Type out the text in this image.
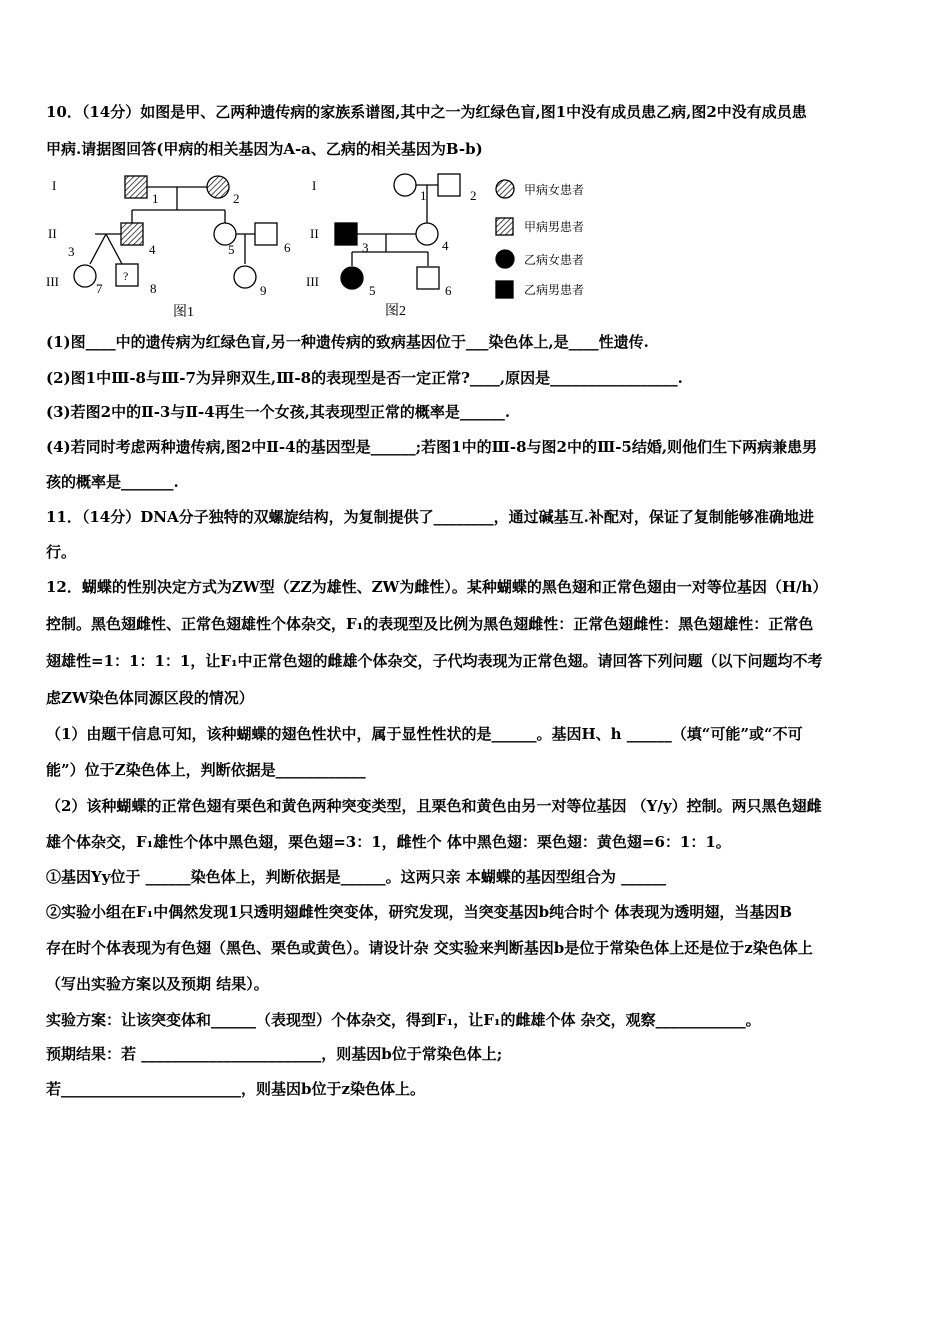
10．（14分）如图是甲、乙两种遗传病的家族系谱图,其中之一为红绿色盲,图1中没有成员患乙病,图2中没有成员患
甲病.请据图回答(甲病的相关基因为A-a、乙病的相关基因为B-b)
I
II
III
1	2
4	5	6
9
3
7
?
8
图1
I
II
III
1	2
3	4
5	6
图2
甲病女患者
甲病男患者
乙病女患者
乙病男患者
(1)图____中的遗传病为红绿色盲,另一种遗传病的致病基因位于___染色体上,是____性遗传.
(2)图1中Ⅲ-8与Ⅲ-7为异卵双生,Ⅲ-8的表现型是否一定正常?____,原因是_________________.
(3)若图2中的Ⅱ-3与Ⅱ-4再生一个女孩,其表现型正常的概率是______.
(4)若同时考虑两种遗传病,图2中Ⅱ-4的基因型是______;若图1中的Ⅲ-8与图2中的Ⅲ-5结婚,则他们生下两病兼患男
孩的概率是_______.
11．（14分）DNA分子独特的双螺旋结构，为复制提供了________，通过碱基互.补配对，保证了复制能够准确地进
行。
12．蝴蝶的性别决定方式为ZW型（ZZ为雄性、ZW为雌性）。某种蝴蝶的黑色翅和正常色翅由一对等位基因（H/h）
控制。黑色翅雌性、正常色翅雄性个体杂交，F₁的表现型及比例为黑色翅雌性：正常色翅雌性：黑色翅雄性：正常色
翅雄性=1：1：1：1，让F₁中正常色翅的雌雄个体杂交，子代均表现为正常色翅。请回答下列问题（以下问题均不考
虑ZW染色体同源区段的情况）
（1）由题干信息可知，该种蝴蝶的翅色性状中，属于显性性状的是______。基因H、h ______（填“可能”或“不可
能”）位于Z染色体上，判断依据是____________
（2）该种蝴蝶的正常色翅有栗色和黄色两种突变类型，且栗色和黄色由另一对等位基因 （Y/y）控制。两只黑色翅雌
雄个体杂交，F₁雄性个体中黑色翅，栗色翅=3：1，雌性个 体中黑色翅：栗色翅：黄色翅=6：1：1。
①基因Yy位于 ______染色体上，判断依据是______。这两只亲 本蝴蝶的基因型组合为 ______
②实验小组在F₁中偶然发现1只透明翅雌性突变体，研究发现，当突变基因b纯合时个 体表现为透明翅，当基因B
存在时个体表现为有色翅（黑色、栗色或黄色）。请设计杂 交实验来判断基因b是位于常染色体上还是位于z染色体上
（写出实验方案以及预期 结果）。
实验方案：让该突变体和______（表现型）个体杂交，得到F₁，让F₁的雌雄个体 杂交，观察____________。
预期结果：若 ________________________，则基因b位于常染色体上;
若________________________，则基因b位于z染色体上。
